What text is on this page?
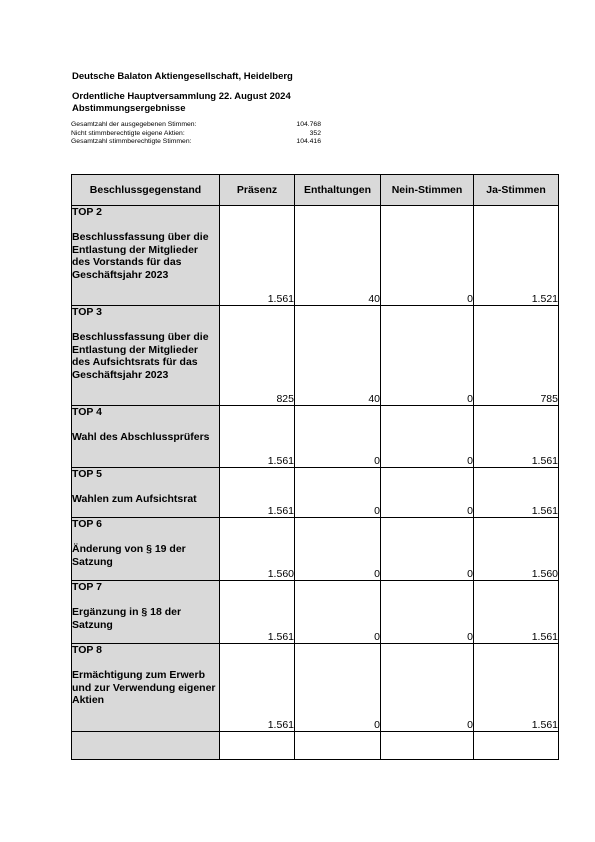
Deutsche Balaton Aktiengesellschaft, Heidelberg
Ordentliche Hauptversammlung 22. August 2024
Abstimmungsergebnisse
Gesamtzahl der ausgegebenen Stimmen:	104.768
Nicht stimmberechtigte eigene Aktien:	352
Gesamtzahl stimmberechtigte Stimmen:	104.416
Beschlussgegenstand	Präsenz	Enthaltungen	Nein-Stimmen	Ja-Stimmen

TOP 2
Beschlussfassung über die Entlastung der Mitglieder des Vorstands für das Geschäftsjahr 2023	1.561	40	0	1.521

TOP 3
Beschlussfassung über die Entlastung der Mitglieder des Aufsichtsrats für das Geschäftsjahr 2023	825	40	0	785

TOP 4
Wahl des Abschlussprüfers	1.561	0	0	1.561

TOP 5
Wahlen zum Aufsichtsrat	1.561	0	0	1.561

TOP 6
Änderung von § 19 der Satzung	1.560	0	0	1.560

TOP 7
Ergänzung in § 18 der Satzung	1.561	0	0	1.561

TOP 8
Ermächtigung zum Erwerb und zur Verwendung eigener Aktien	1.561	0	0	1.561
